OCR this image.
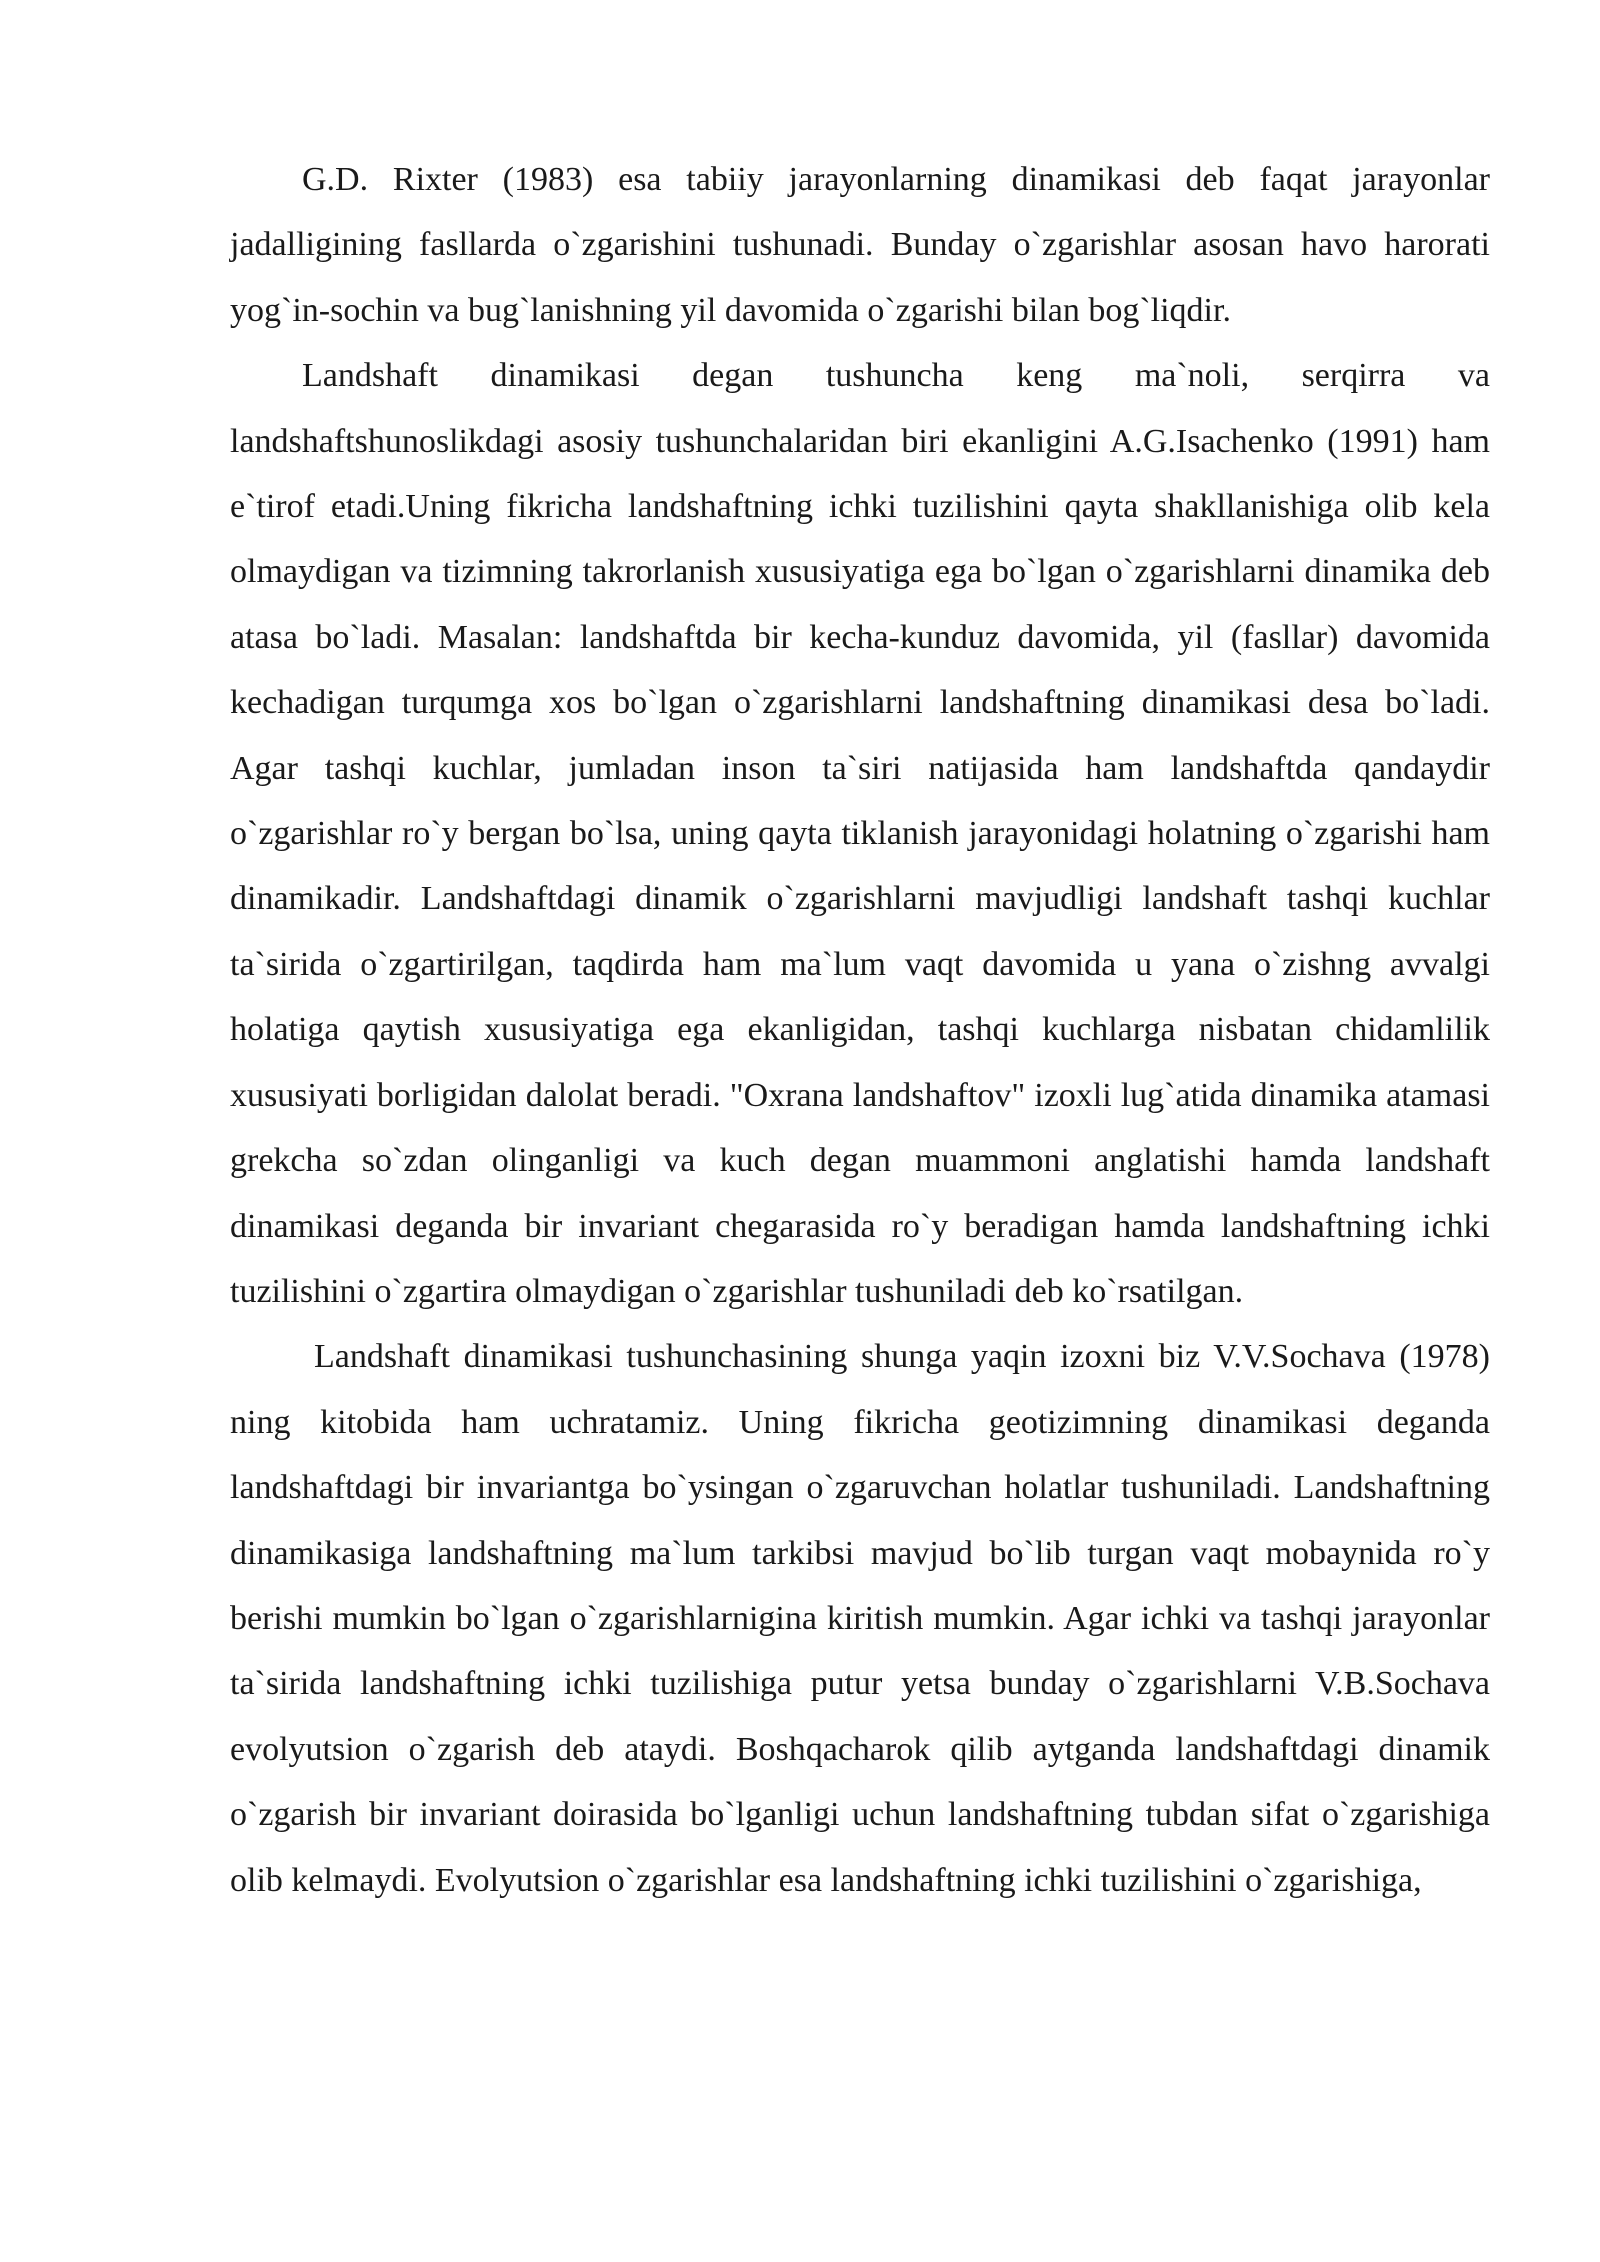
G.D. Rixter (1983) esa tabiiy jarayonlarning dinamikasi deb faqat jarayonlar jadalligining fasllarda o`zgarishini tushunadi. Bunday o`zgarishlar asosan havo harorati yog`in-sochin va bug`lanishning yil davomida o`zgarishi bilan bog`liqdir.

Landshaft dinamikasi degan tushuncha keng ma`noli, serqirra va landshaftshunoslikdagi asosiy tushunchalaridan biri ekanligini A.G.Isachenko (1991) ham e`tirof etadi.Uning fikricha landshaftning ichki tuzilishini qayta shakllanishiga olib kela olmaydigan va tizimning takrorlanish xususiyatiga ega bo`lgan o`zgarishlarni dinamika deb atasa bo`ladi. Masalan: landshaftda bir kecha-kunduz davomida, yil (fasllar) davomida kechadigan turqumga xos bo`lgan o`zgarishlarni landshaftning dinamikasi desa bo`ladi. Agar tashqi kuchlar, jumladan inson ta`siri natijasida ham landshaftda qandaydir o`zgarishlar ro`y bergan bo`lsa, uning qayta tiklanish jarayonidagi holatning o`zgarishi ham dinamikadir. Landshaftdagi dinamik o`zgarishlarni mavjudligi landshaft tashqi kuchlar ta`sirida o`zgartirilgan, taqdirda ham ma`lum vaqt davomida u yana o`zishng avvalgi holatiga qaytish xususiyatiga ega ekanligidan, tashqi kuchlarga nisbatan chidamlilik xususiyati borligidan dalolat beradi. "Oxrana landshaftov" izoxli lug`atida dinamika atamasi grekcha so`zdan olinganligi va kuch degan muammoni anglatishi hamda landshaft dinamikasi deganda bir invariant chegarasida ro`y beradigan hamda landshaftning ichki tuzilishini o`zgartira olmaydigan o`zgarishlar tushuniladi deb ko`rsatilgan.

Landshaft dinamikasi tushunchasining shunga yaqin izoxni biz V.V.Sochava (1978) ning kitobida ham uchratamiz. Uning fikricha geotizimning dinamikasi deganda landshaftdagi bir invariantga bo`ysingan o`zgaruvchan holatlar tushuniladi. Landshaftning dinamikasiga landshaftning ma`lum tarkibsi mavjud bo`lib turgan vaqt mobaynida ro`y berishi mumkin bo`lgan o`zgarishlarnigina kiritish mumkin. Agar ichki va tashqi jarayonlar ta`sirida landshaftning ichki tuzilishiga putur yetsa bunday o`zgarishlarni V.B.Sochava evolyutsion o`zgarish deb ataydi. Boshqacharok qilib aytganda landshaftdagi dinamik o`zgarish bir invariant doirasida bo`lganligi uchun landshaftning tubdan sifat o`zgarishiga olib kelmaydi. Evolyutsion o`zgarishlar esa landshaftning ichki tuzilishini o`zgarishiga,
